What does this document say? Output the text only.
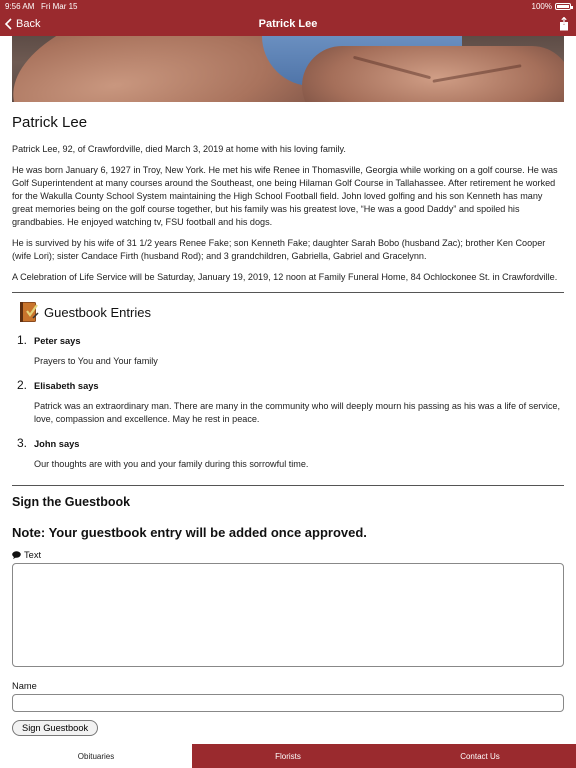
9:56 AM Fri Mar 15	100%
Back	Patrick Lee
Patrick Lee

Patrick Lee, 92, of Crawfordville, died March 3, 2019 at home with his loving family.

He was born January 6, 1927 in Troy, New York. He met his wife Renee in Thomasville, Georgia while working on a golf course. He was Golf Superintendent at many courses around the Southeast, one being Hilaman Golf Course in Tallahassee. After retirement he worked for the Wakulla County School System maintaining the High School Football field. John loved golfing and his son Kenneth has many great memories being on the golf course together, but his family was his greatest love, “He was a good Daddy” and spoiled his grandbabies. He enjoyed watching tv, FSU football and his dogs.

He is survived by his wife of 31 1/2 years Renee Fake; son Kenneth Fake; daughter Sarah Bobo (husband Zac); brother Ken Cooper (wife Lori); sister Candace Firth (husband Rod); and 3 grandchildren, Gabriella, Gabriel and Gracelynn.

A Celebration of Life Service will be Saturday, January 19, 2019, 12 noon at Family Funeral Home, 84 Ochlockonee St. in Crawfordville.

Guestbook Entries
1. Peter says
Prayers to You and Your family
2. Elisabeth says
Patrick was an extraordinary man. There are many in the community who will deeply mourn his passing as his was a life of service, love, compassion and excellence. May he rest in peace.
3. John says
Our thoughts are with you and your family during this sorrowful time.
Sign the Guestbook
Note: Your guestbook entry will be added once approved.
Text
Name
Sign Guestbook
Obituaries	Florists	Contact Us
